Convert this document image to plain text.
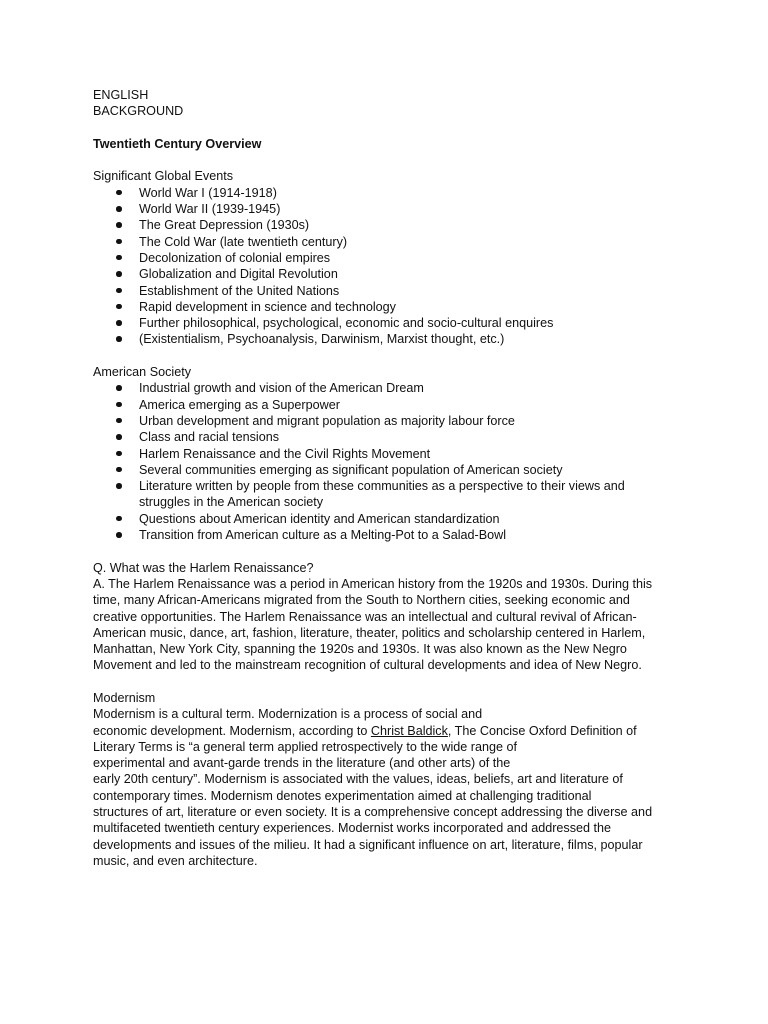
ENGLISH
BACKGROUND
Twentieth Century Overview
Significant Global Events
World War I (1914-1918)
World War II (1939-1945)
The Great Depression (1930s)
The Cold War (late twentieth century)
Decolonization of colonial empires
Globalization and Digital Revolution
Establishment of the United Nations
Rapid development in science and technology
Further philosophical, psychological, economic and socio-cultural enquires
(Existentialism, Psychoanalysis, Darwinism, Marxist thought, etc.)
American Society
Industrial growth and vision of the American Dream
America emerging as a Superpower
Urban development and migrant population as majority labour force
Class and racial tensions
Harlem Renaissance and the Civil Rights Movement
Several communities emerging as significant population of American society
Literature written by people from these communities as a perspective to their views and struggles in the American society
Questions about American identity and American standardization
Transition from American culture as a Melting-Pot to a Salad-Bowl
Q. What was the Harlem Renaissance?
A. The Harlem Renaissance was a period in American history from the 1920s and 1930s. During this
time, many African-Americans migrated from the South to Northern cities, seeking economic and
creative opportunities. The Harlem Renaissance was an intellectual and cultural revival of African-
American music, dance, art, fashion, literature, theater, politics and scholarship centered in Harlem,
Manhattan, New York City, spanning the 1920s and 1930s. It was also known as the New Negro
Movement and led to the mainstream recognition of cultural developments and idea of New Negro.
Modernism
Modernism is a cultural term. Modernization is a process of social and
economic development. Modernism, according to Christ Baldick, The Concise Oxford Definition of
Literary Terms is “a general term applied retrospectively to the wide range of
experimental and avant-garde trends in the literature (and other arts) of the
early 20th century”. Modernism is associated with the values, ideas, beliefs, art and literature of
contemporary times. Modernism denotes experimentation aimed at challenging traditional
structures of art, literature or even society. It is a comprehensive concept addressing the diverse and
multifaceted twentieth century experiences. Modernist works incorporated and addressed the
developments and issues of the milieu. It had a significant influence on art, literature, films, popular
music, and even architecture.
